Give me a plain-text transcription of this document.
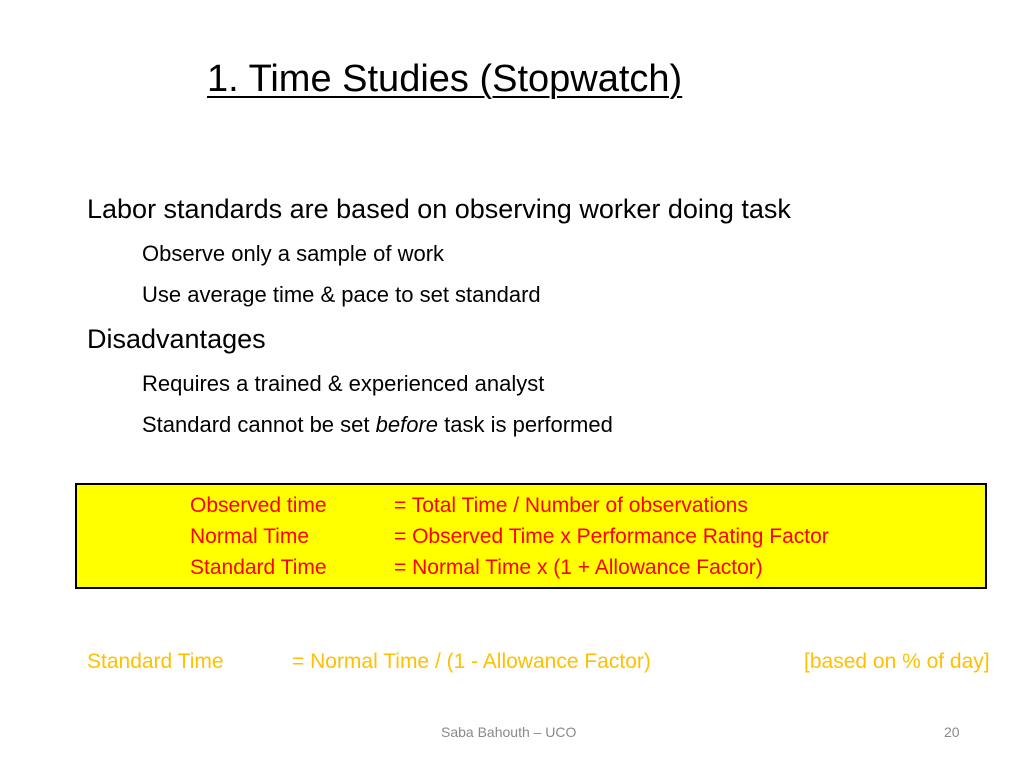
1. Time Studies (Stopwatch)
Labor standards are based on observing worker doing task
Observe only a sample of work
Use average time & pace to set standard
Disadvantages
Requires a trained & experienced analyst
Standard cannot be set before task is performed
Observed time	= Total Time / Number of observations
Normal Time	= Observed Time x Performance Rating Factor
Standard Time	= Normal Time x (1 + Allowance Factor)
Standard Time	= Normal Time / (1 - Allowance Factor)	[based on % of day]
Saba Bahouth – UCO	20
